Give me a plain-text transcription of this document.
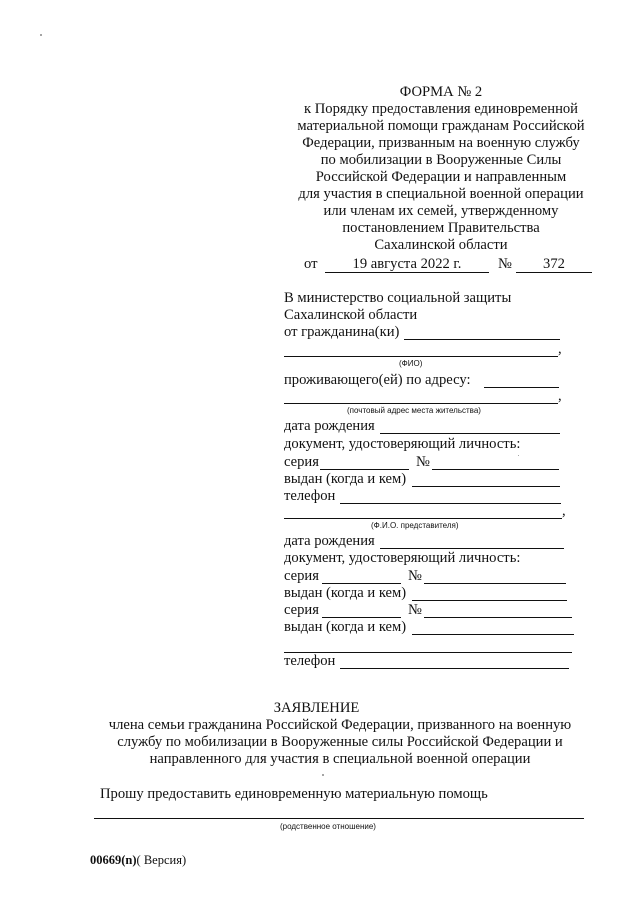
ФОРМА № 2
к Порядку предоставления единовременной
материальной помощи гражданам Российской
Федерации, призванным на военную службу
по мобилизации в Вооруженные Силы
Российской Федерации и направленным
для участия в специальной военной операции
или членам их семей, утвержденному
постановлением Правительства
Сахалинской области
от	19 августа 2022 г.	№	372
В министерство социальной защиты
Сахалинской области
от гражданина(ки)
,
(ФИО)
проживающего(ей) по адресу:
,
(почтовый адрес места жительства)
дата рождения
документ, удостоверяющий личность:
серия	№
выдан (когда и кем)
телефон
,
(Ф.И.О. представителя)
дата рождения
документ, удостоверяющий личность:
серия	№
выдан (когда и кем)
серия	№
выдан (когда и кем)
телефон
ЗАЯВЛЕНИЕ
члена семьи гражданина Российской Федерации, призванного на военную
службу по мобилизации в Вооруженные силы Российской Федерации и
направленного для участия в специальной военной операции
Прошу предоставить единовременную материальную помощь
(родственное отношение)
00669(n)( Версия)
